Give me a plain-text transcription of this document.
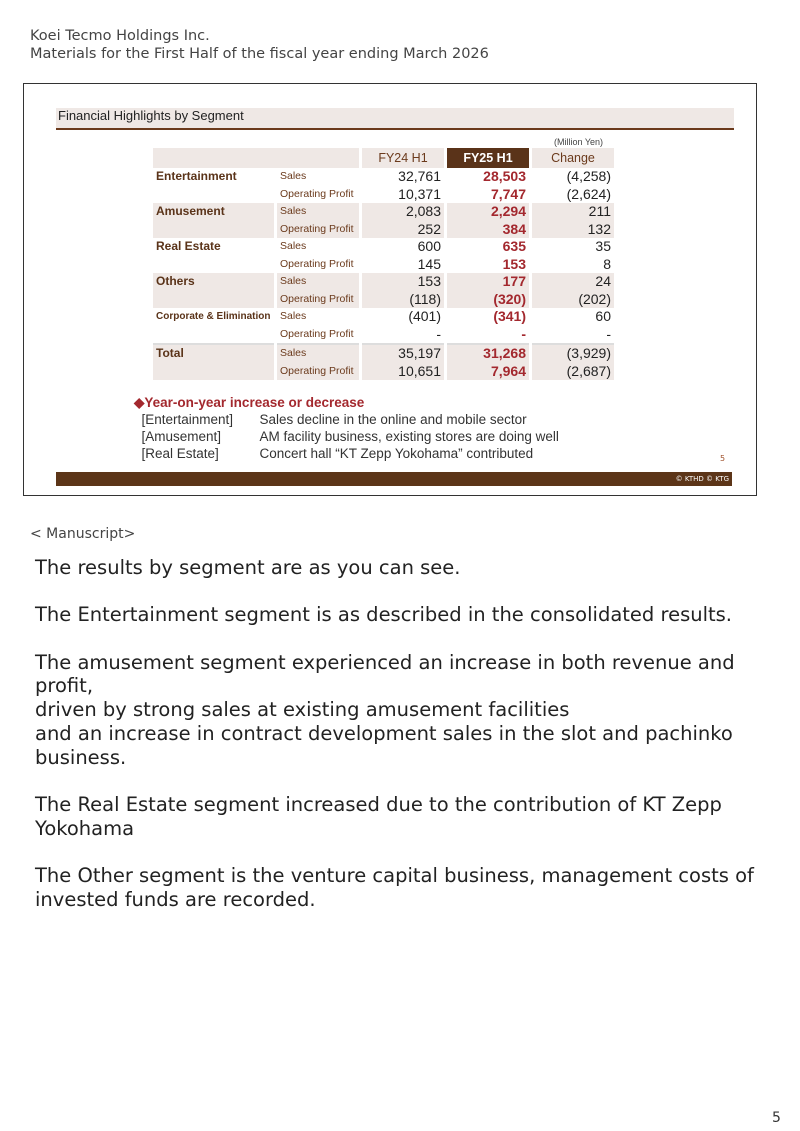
Koei Tecmo Holdings Inc.
Materials for the First Half of the fiscal year ending March 2026
Financial Highlights by Segment
(Million Yen)
		FY24 H1	FY25 H1	Change
Entertainment	Sales	32,761	28,503	(4,258)
	Operating Profit	10,371	7,747	(2,624)
Amusement	Sales	2,083	2,294	211
	Operating Profit	252	384	132
Real Estate	Sales	600	635	35
	Operating Profit	145	153	8
Others	Sales	153	177	24
	Operating Profit	(118)	(320)	(202)
Corporate & Elimination	Sales	(401)	(341)	60
	Operating Profit	-	-	-
Total	Sales	35,197	31,268	(3,929)
	Operating Profit	10,651	7,964	(2,687)
◆Year-on-year increase or decrease
[Entertainment] Sales decline in the online and mobile sector
[Amusement]	AM facility business, existing stores are doing well
[Real Estate]	Concert hall “KT Zepp Yokohama” contributed	5
© KTHD © KTG
< Manuscript>

The results by segment are as you can see.

The Entertainment segment is as described in the consolidated results.

The amusement segment experienced an increase in both revenue and profit,
driven by strong sales at existing amusement facilities
and an increase in contract development sales in the slot and pachinko business.

The Real Estate segment increased due to the contribution of KT Zepp Yokohama

The Other segment is the venture capital business, management costs of invested funds are recorded.

5
